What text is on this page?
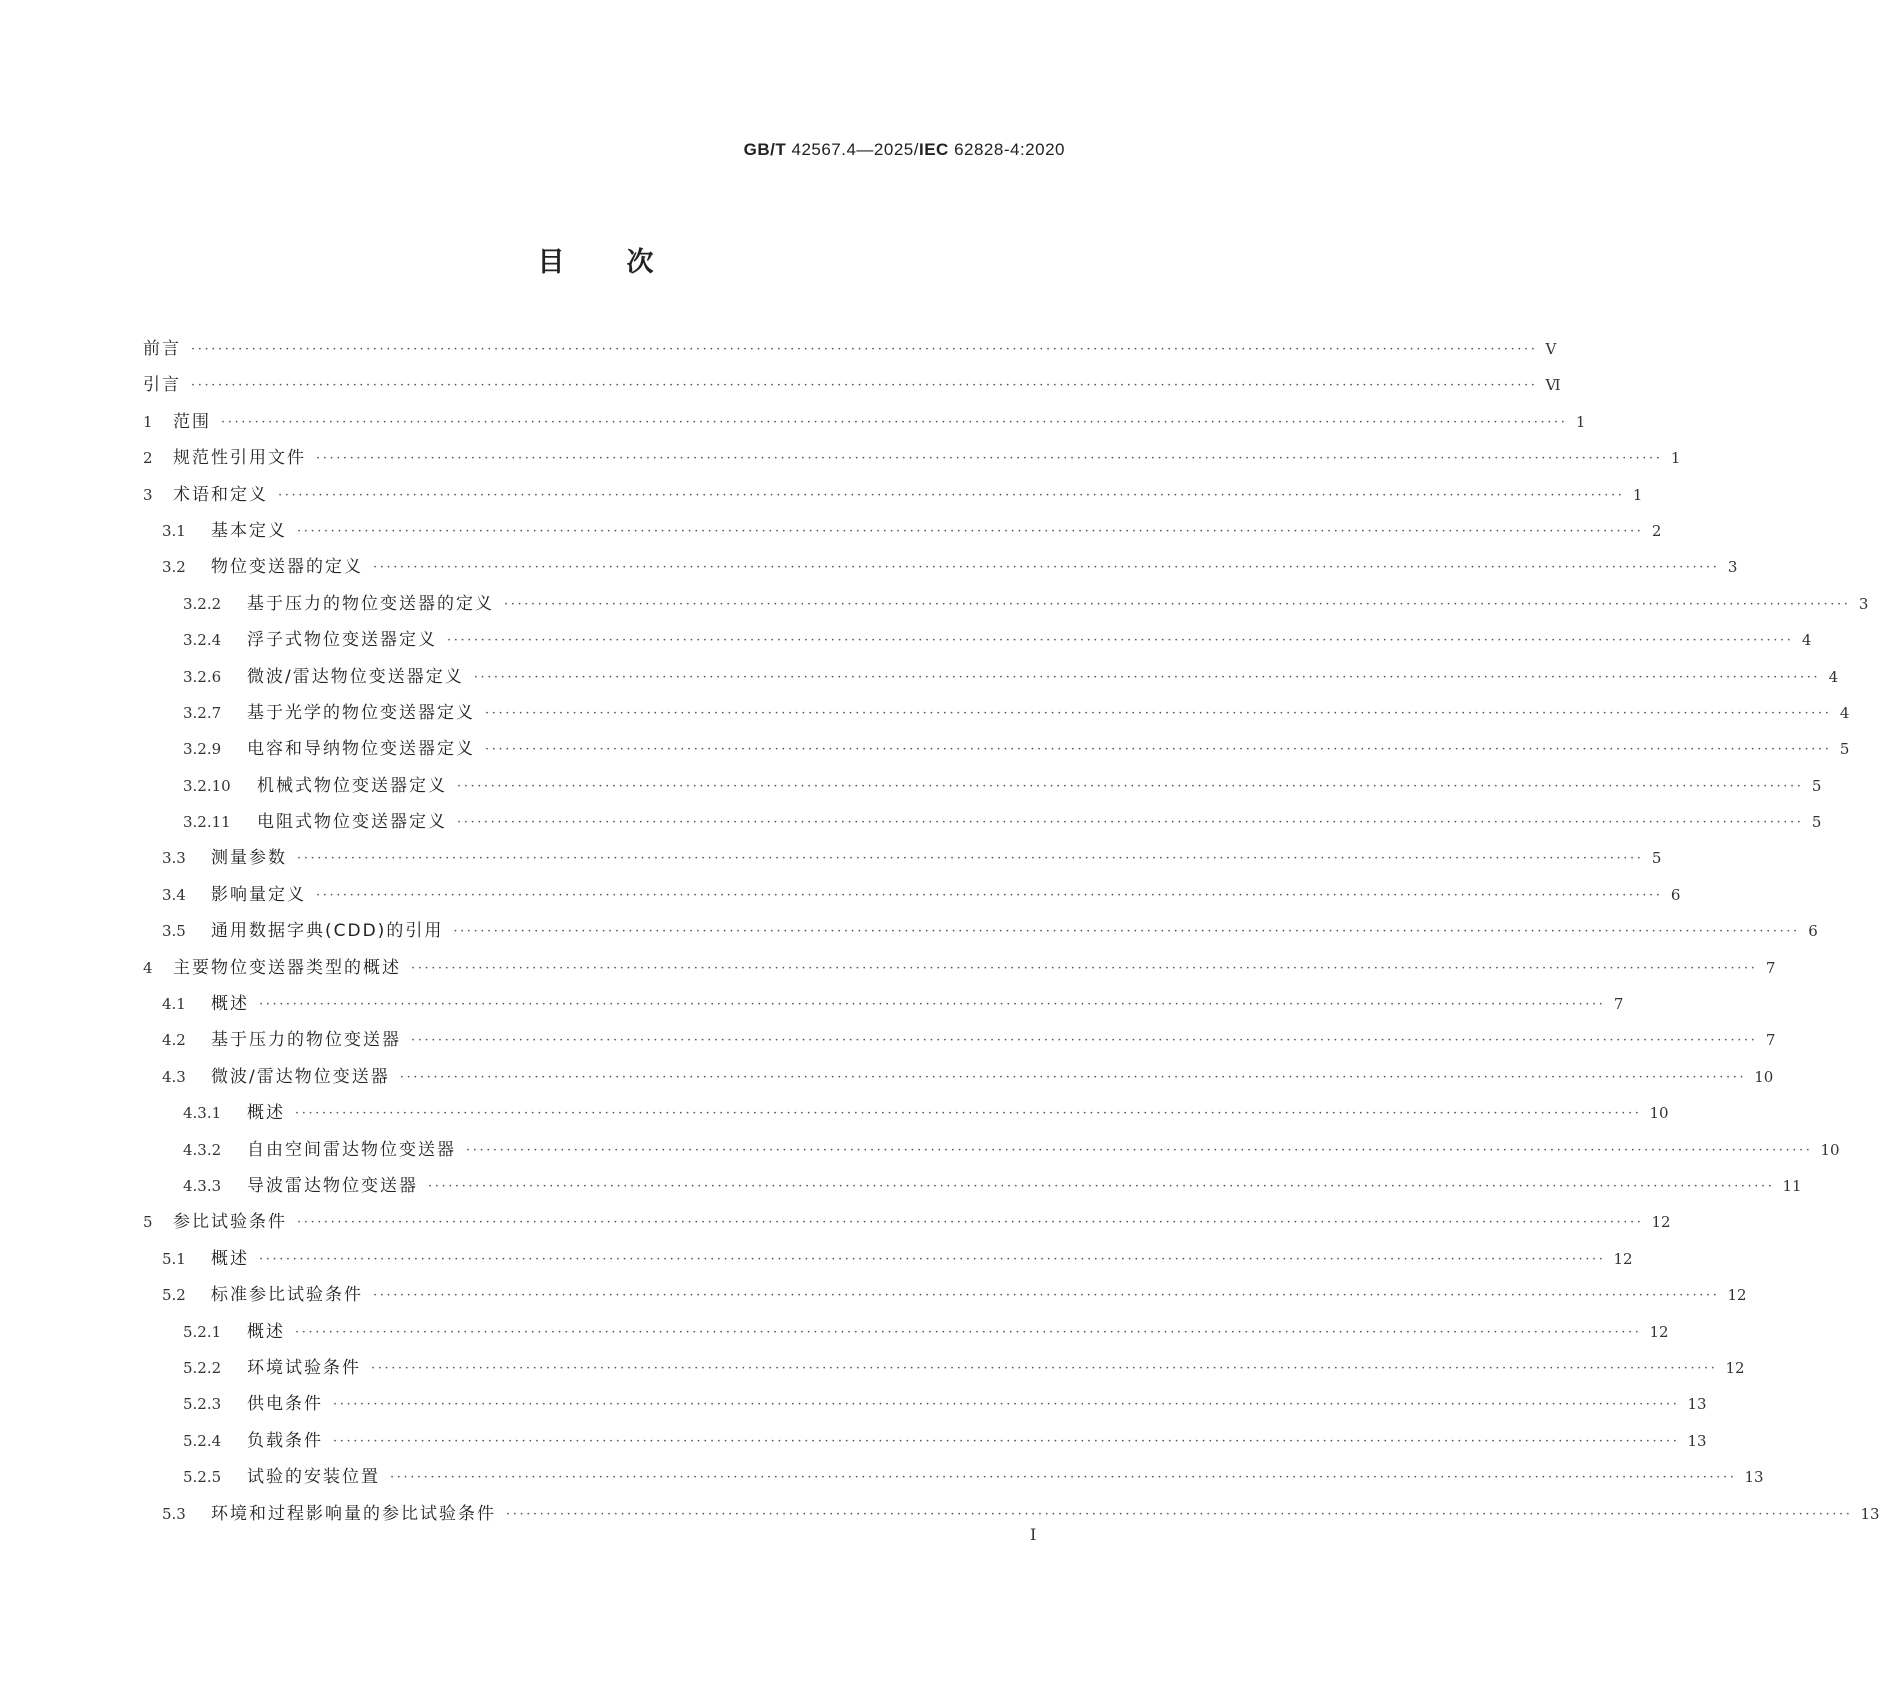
GB/T 42567.4—2025/IEC 62828-4:2020
目次
前言 ········································································································································································································ Ⅴ
引言 ········································································································································································································ Ⅵ
1	范围 ········································································································································································································ 1
2	规范性引用文件 ········································································································································································································ 1
3	术语和定义 ········································································································································································································ 1
3.1	基本定义 ········································································································································································································ 2
3.2	物位变送器的定义 ········································································································································································································ 3
3.2.2	基于压力的物位变送器的定义 ········································································································································································································ 3
3.2.4	浮子式物位变送器定义 ········································································································································································································ 4
3.2.6	微波/雷达物位变送器定义 ········································································································································································································ 4
3.2.7	基于光学的物位变送器定义 ········································································································································································································ 4
3.2.9	电容和导纳物位变送器定义 ········································································································································································································ 5
3.2.10	机械式物位变送器定义 ········································································································································································································ 5
3.2.11	电阻式物位变送器定义 ········································································································································································································ 5
3.3	测量参数 ········································································································································································································ 5
3.4	影响量定义 ········································································································································································································ 6
3.5	通用数据字典(CDD)的引用 ········································································································································································································ 6
4	主要物位变送器类型的概述 ········································································································································································································ 7
4.1	概述 ········································································································································································································ 7
4.2	基于压力的物位变送器 ········································································································································································································ 7
4.3	微波/雷达物位变送器 ········································································································································································································ 10
4.3.1	概述 ········································································································································································································ 10
4.3.2	自由空间雷达物位变送器 ········································································································································································································ 10
4.3.3	导波雷达物位变送器 ········································································································································································································ 11
5	参比试验条件 ········································································································································································································ 12
5.1	概述 ········································································································································································································ 12
5.2	标准参比试验条件 ········································································································································································································ 12
5.2.1	概述 ········································································································································································································ 12
5.2.2	环境试验条件 ········································································································································································································ 12
5.2.3	供电条件 ········································································································································································································ 13
5.2.4	负载条件 ········································································································································································································ 13
5.2.5	试验的安装位置 ········································································································································································································ 13
5.3	环境和过程影响量的参比试验条件 ········································································································································································································ 13
Ⅰ
